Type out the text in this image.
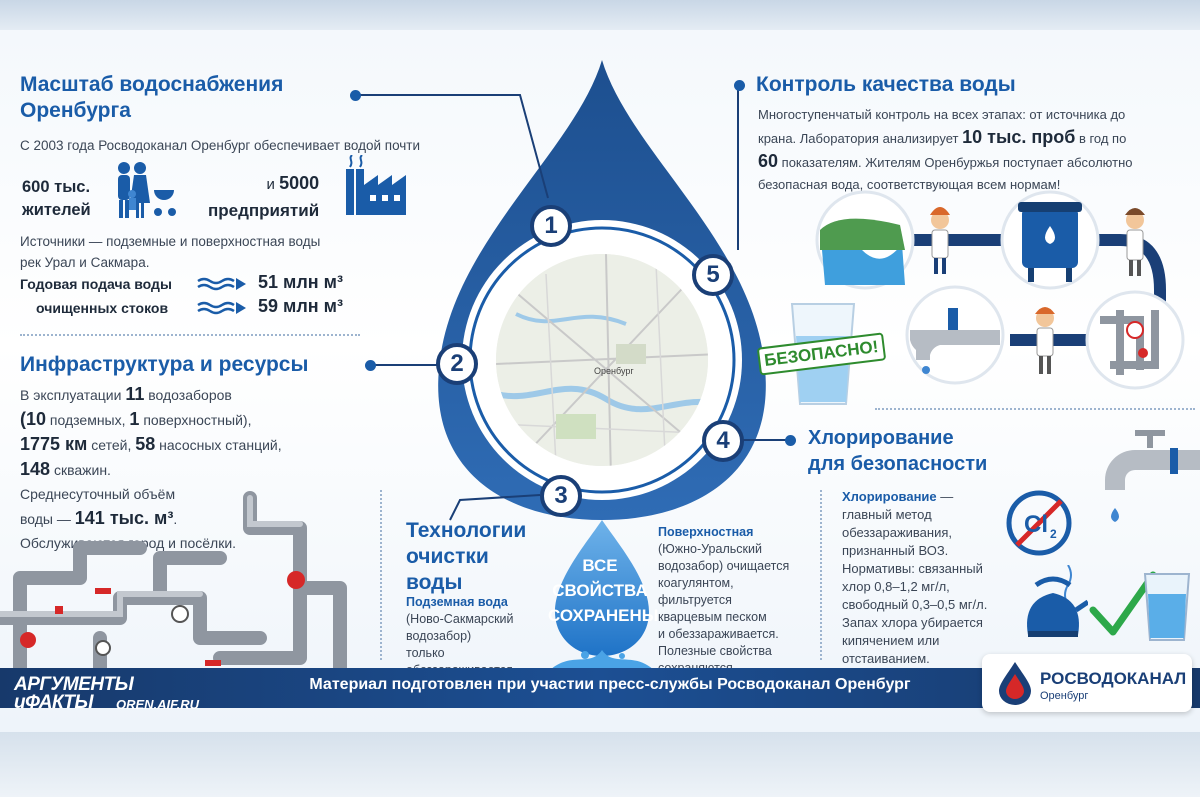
Оренбург
1
2
3
4
5
Масштаб водоснабжения
Оренбурга
С 2003 года Росводоканал Оренбург обеспечивает водой почти
600 тыс.
жителей
и 5000
предприятий
Источники — подземные и поверхностная воды
рек Урал и Сакмара.
Годовая подача воды	51 млн м³
очищенных стоков	59 млн м³
Инфраструктура и ресурсы
В эксплуатации 11 водозаборов
(10 подземных, 1 поверхностный),
1775 км сетей, 58 насосных станций,
148 скважин.
Среднесуточный объём
воды — 141 тыс. м³.
Обслуживаются город и посёлки.
Технологии
очистки
воды
Подземная вода
(Ново-Сакмарский
водозабор)
только
ВСЕ
СВОЙСТВА
СОХРАНЕНЫ
Поверхностная
(Южно-Уральский
водозабор) очищается
коагулянтом,
фильтруется
кварцевым песком
и обеззараживается.
Полезные свойства
Хлорирование
для безопасности
Хлорирование —
главный метод
обеззараживания,
признанный ВОЗ.
Нормативы: связанный
хлор 0,8–1,2 мг/л,
свободный 0,3–0,5 мг/л.
Запах хлора убирается
кипячением или
отстаиванием.
Cl 2
Контроль качества воды
Многоступенчатый контроль на всех этапах: от источника до
крана. Лаборатория анализирует 10 тыс. проб в год по
60 показателям. Жителям Оренбуржья поступает абсолютно
безопасная вода, соответствующая всем нормам!
БЕЗОПАСНО!
АРГУМЕНТЫ
иФАКТЫ	OREN.AIF.RU
Материал подготовлен при участии пресс-службы Росводоканал Оренбург	РОСВОДОКАНАЛ
Оренбург
